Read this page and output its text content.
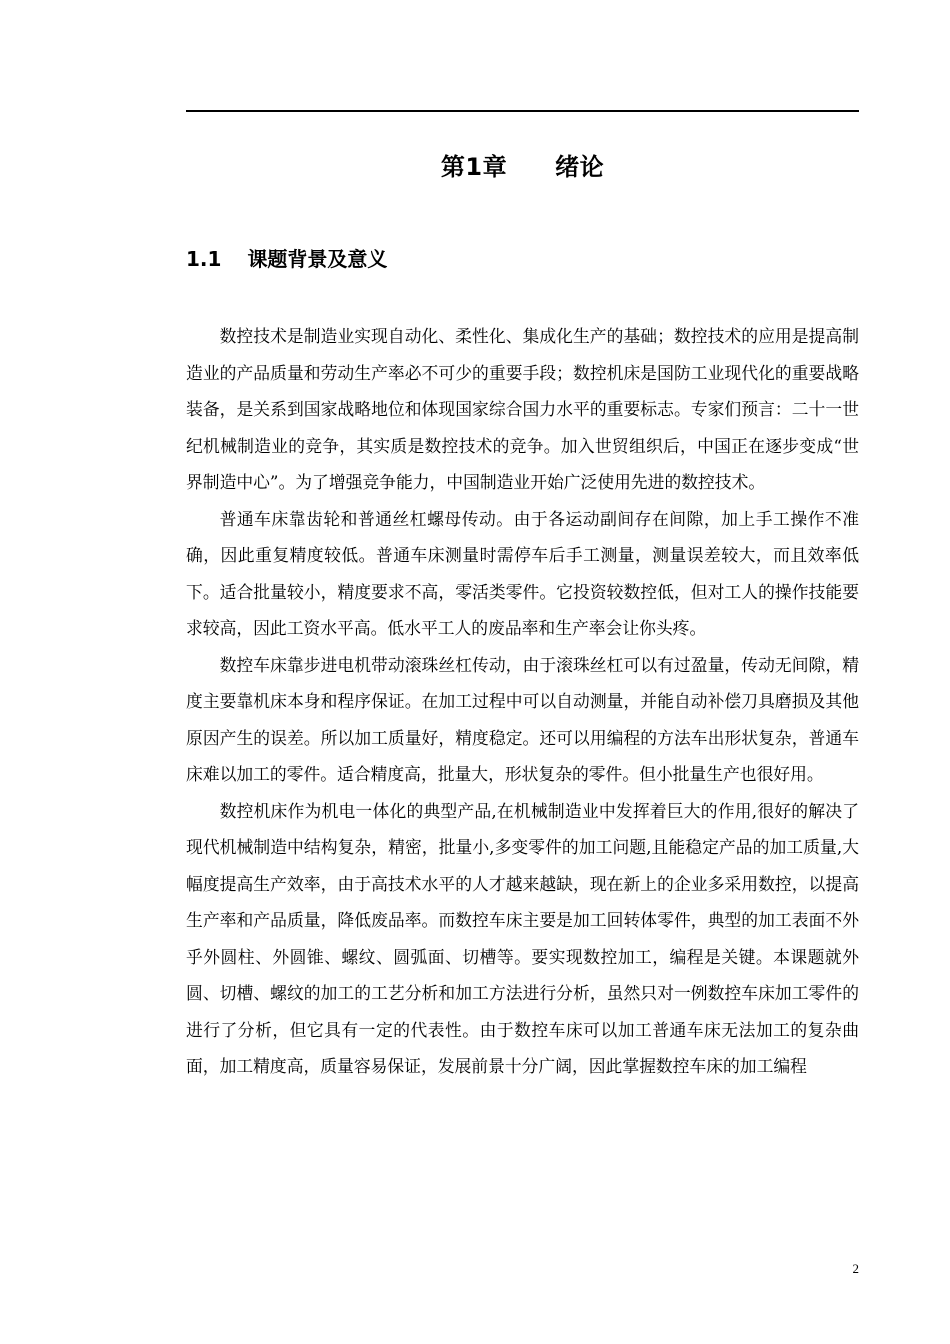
第1章 绪论
1.1 课题背景及意义

数控技术是制造业实现自动化、柔性化、集成化生产的基础；数控技术的应用是提高制造业的产品质量和劳动生产率必不可少的重要手段；数控机床是国防工业现代化的重要战略装备，是关系到国家战略地位和体现国家综合国力水平的重要标志。专家们预言：二十一世纪机械制造业的竞争，其实质是数控技术的竞争。加入世贸组织后，中国正在逐步变成“世界制造中心”。为了增强竞争能力，中国制造业开始广泛使用先进的数控技术。

普通车床靠齿轮和普通丝杠螺母传动。由于各运动副间存在间隙，加上手工操作不准确，因此重复精度较低。普通车床测量时需停车后手工测量，测量误差较大，而且效率低下。适合批量较小，精度要求不高，零活类零件。它投资较数控低，但对工人的操作技能要求较高，因此工资水平高。低水平工人的废品率和生产率会让你头疼。

数控车床靠步进电机带动滚珠丝杠传动，由于滚珠丝杠可以有过盈量，传动无间隙，精度主要靠机床本身和程序保证。在加工过程中可以自动测量，并能自动补偿刀具磨损及其他原因产生的误差。所以加工质量好，精度稳定。还可以用编程的方法车出形状复杂，普通车床难以加工的零件。适合精度高，批量大，形状复杂的零件。但小批量生产也很好用。

数控机床作为机电一体化的典型产品,在机械制造业中发挥着巨大的作用,很好的解决了现代机械制造中结构复杂，精密，批量小,多变零件的加工问题,且能稳定产品的加工质量,大幅度提高生产效率，由于高技术水平的人才越来越缺，现在新上的企业多采用数控，以提高生产率和产品质量，降低废品率。而数控车床主要是加工回转体零件，典型的加工表面不外乎外圆柱、外圆锥、螺纹、圆弧面、切槽等。要实现数控加工，编程是关键。本课题就外圆、切槽、螺纹的加工的工艺分析和加工方法进行分析，虽然只对一例数控车床加工零件的进行了分析，但它具有一定的代表性。由于数控车床可以加工普通车床无法加工的复杂曲面，加工精度高，质量容易保证，发展前景十分广阔，因此掌握数控车床的加工编程

2
